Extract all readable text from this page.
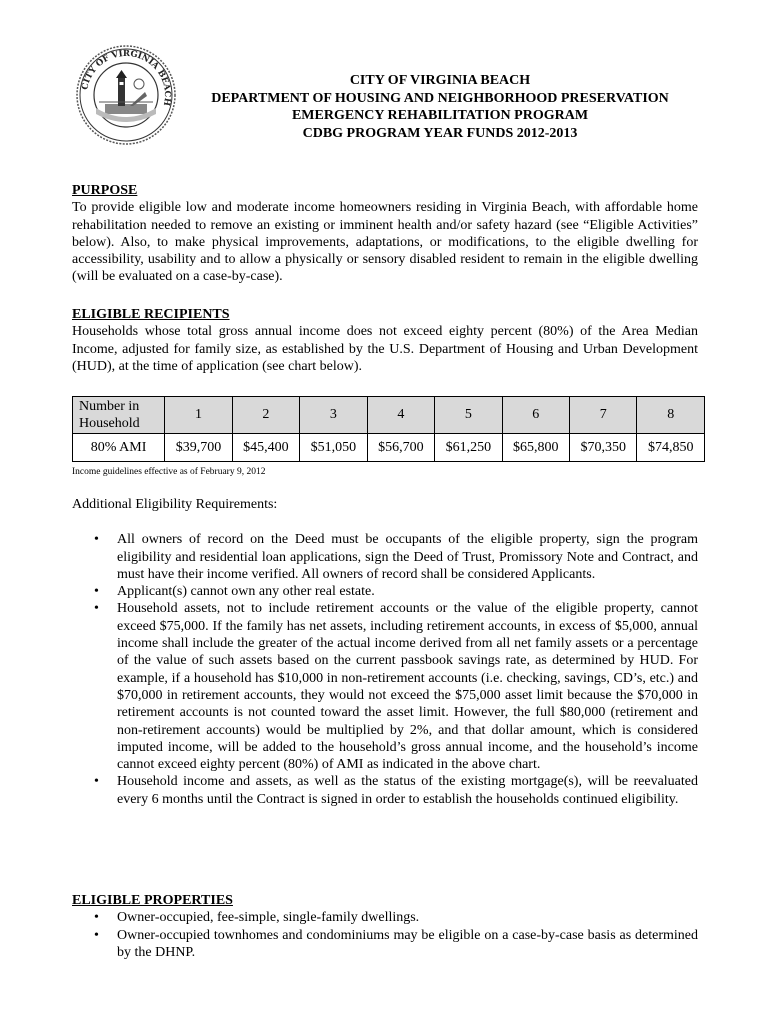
CITY OF VIRGINIA BEACH
CITY OF VIRGINIA BEACH
DEPARTMENT OF HOUSING AND NEIGHBORHOOD PRESERVATION
EMERGENCY REHABILITATION PROGRAM
CDBG PROGRAM YEAR FUNDS 2012-2013
PURPOSE
To provide eligible low and moderate income homeowners residing in Virginia Beach, with affordable home rehabilitation needed to remove an existing or imminent health and/or safety hazard (see “Eligible Activities” below). Also, to make physical improvements, adaptations, or modifications, to the eligible dwelling for accessibility, usability and to allow a physically or sensory disabled resident to remain in the eligible dwelling (will be evaluated on a case-by-case).
ELIGIBLE RECIPIENTS
Households whose total gross annual income does not exceed eighty percent (80%) of the Area Median Income, adjusted for family size, as established by the U.S. Department of Housing and Urban Development (HUD), at the time of application (see chart below).
Number in Household	1	2	3	4	5	6	7	8
80% AMI	$39,700	$45,400	$51,050	$56,700	$61,250	$65,800	$70,350	$74,850
Income guidelines effective as of February 9, 2012
Additional Eligibility Requirements:
• All owners of record on the Deed must be occupants of the eligible property, sign the program eligibility and residential loan applications, sign the Deed of Trust, Promissory Note and Contract, and must have their income verified. All owners of record shall be considered Applicants.
• Applicant(s) cannot own any other real estate.
• Household assets, not to include retirement accounts or the value of the eligible property, cannot exceed $75,000. If the family has net assets, including retirement accounts, in excess of $5,000, annual income shall include the greater of the actual income derived from all net family assets or a percentage of the value of such assets based on the current passbook savings rate, as determined by HUD. For example, if a household has $10,000 in non-retirement accounts (i.e. checking, savings, CD’s, etc.) and $70,000 in retirement accounts, they would not exceed the $75,000 asset limit because the $70,000 in retirement accounts is not counted toward the asset limit. However, the full $80,000 (retirement and non-retirement accounts) would be multiplied by 2%, and that dollar amount, which is considered imputed income, will be added to the household’s gross annual income, and the household’s income cannot exceed eighty percent (80%) of AMI as indicated in the above chart.
• Household income and assets, as well as the status of the existing mortgage(s), will be reevaluated every 6 months until the Contract is signed in order to establish the households continued eligibility.
ELIGIBLE PROPERTIES
• Owner-occupied, fee-simple, single-family dwellings.
• Owner-occupied townhomes and condominiums may be eligible on a case-by-case basis as determined by the DHNP.
